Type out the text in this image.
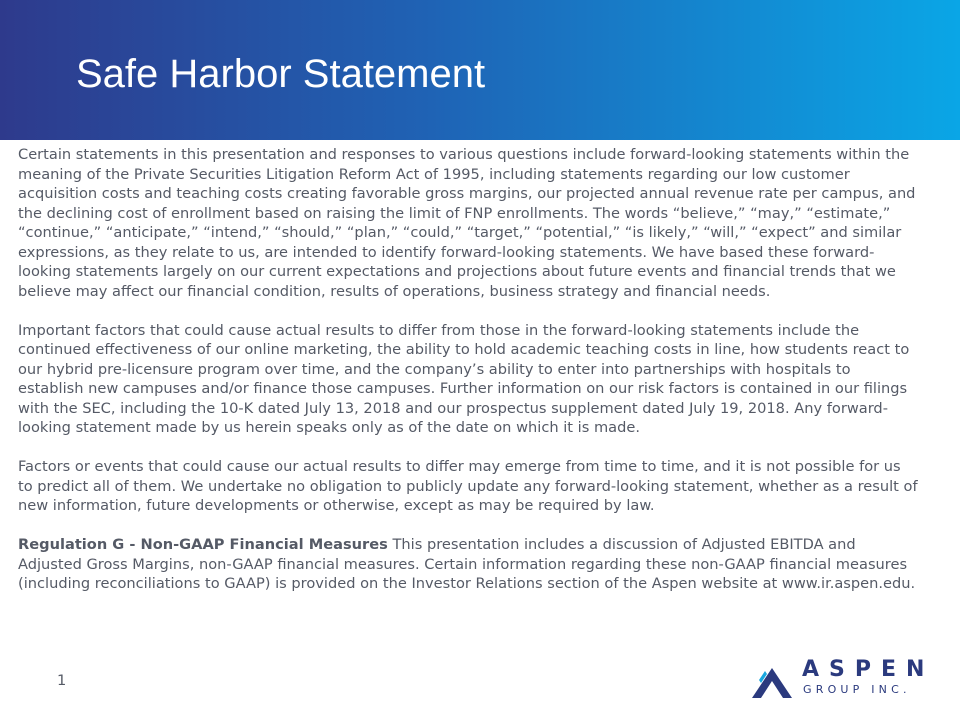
Safe Harbor Statement

Certain statements in this presentation and responses to various questions include forward-looking statements within the meaning of the Private Securities Litigation Reform Act of 1995, including statements regarding our low customer acquisition costs and teaching costs creating favorable gross margins, our projected annual revenue rate per campus, and the declining cost of enrollment based on raising the limit of FNP enrollments. The words “believe,” “may,” “estimate,” “continue,” “anticipate,” “intend,” “should,” “plan,” “could,” “target,” “potential,” “is likely,” “will,” “expect” and similar expressions, as they relate to us, are intended to identify forward-looking statements. We have based these forward-looking statements largely on our current expectations and projections about future events and financial trends that we believe may affect our financial condition, results of operations, business strategy and financial needs.

Important factors that could cause actual results to differ from those in the forward-looking statements include the continued effectiveness of our online marketing, the ability to hold academic teaching costs in line, how students react to our hybrid pre-licensure program over time, and the company’s ability to enter into partnerships with hospitals to establish new campuses and/or finance those campuses. Further information on our risk factors is contained in our filings with the SEC, including the 10-K dated July 13, 2018 and our prospectus supplement dated July 19, 2018. Any forward-looking statement made by us herein speaks only as of the date on which it is made.

Factors or events that could cause our actual results to differ may emerge from time to time, and it is not possible for us to predict all of them. We undertake no obligation to publicly update any forward-looking statement, whether as a result of new information, future developments or otherwise, except as may be required by law.

Regulation G - Non-GAAP Financial Measures This presentation includes a discussion of Adjusted EBITDA and Adjusted Gross Margins, non-GAAP financial measures. Certain information regarding these non-GAAP financial measures (including reconciliations to GAAP) is provided on the Investor Relations section of the Aspen website at www.ir.aspen.edu.

1	ASPEN
GROUP INC.
